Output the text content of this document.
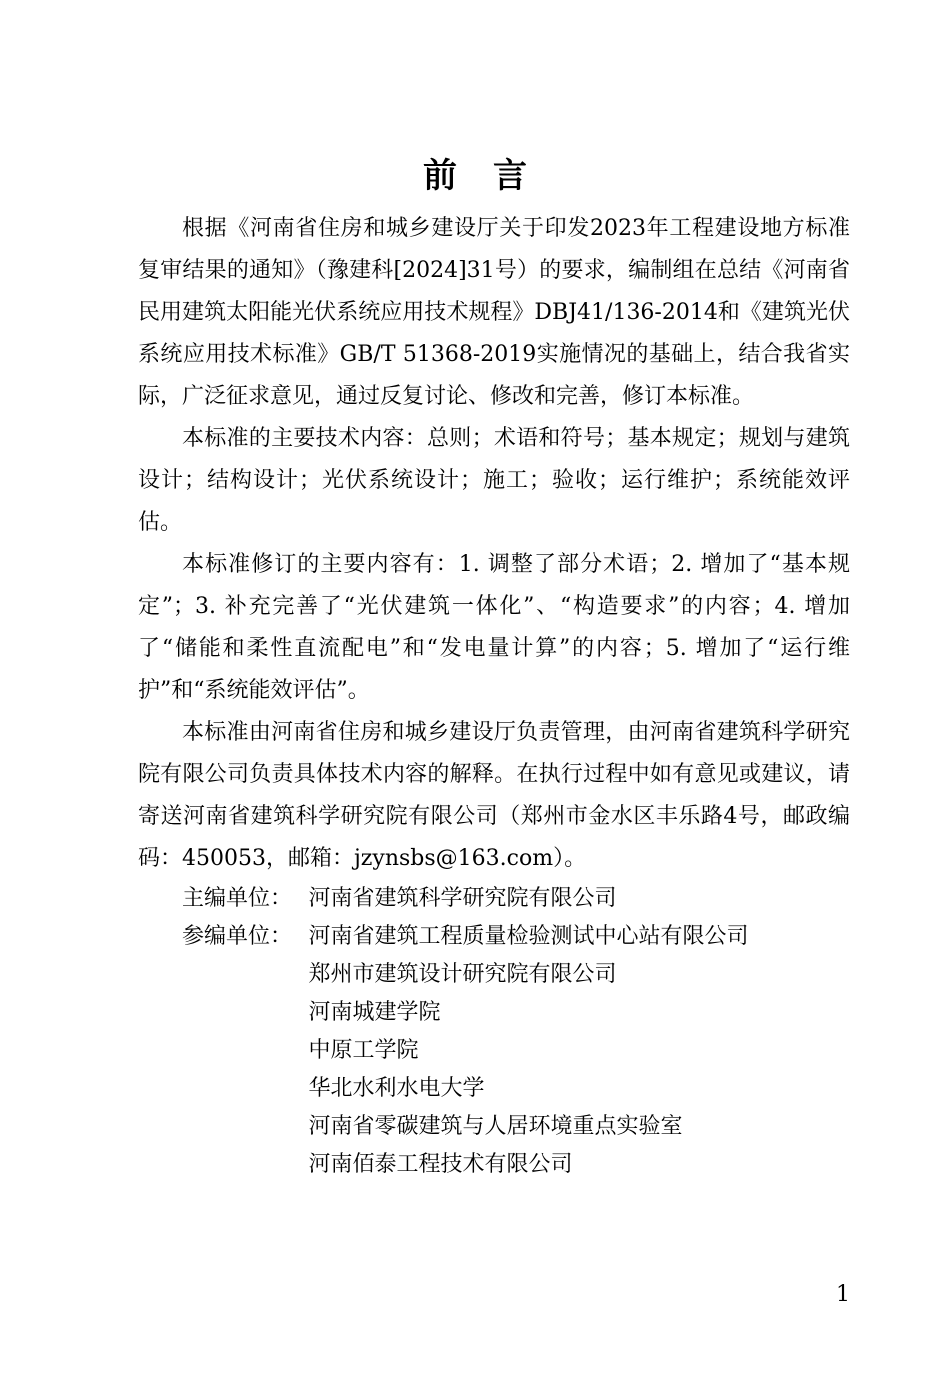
前 言

根据《河南省住房和城乡建设厅关于印发2023年工程建设地方标准复审结果的通知》（豫建科[2024]31号）的要求，编制组在总结《河南省民用建筑太阳能光伏系统应用技术规程》DBJ41/136-2014和《建筑光伏系统应用技术标准》GB/T 51368-2019实施情况的基础上，结合我省实际，广泛征求意见，通过反复讨论、修改和完善，修订本标准。

本标准的主要技术内容：总则；术语和符号；基本规定；规划与建筑设计；结构设计；光伏系统设计；施工；验收；运行维护；系统能效评估。

本标准修订的主要内容有：1. 调整了部分术语；2. 增加了“基本规定”；3. 补充完善了“光伏建筑一体化”、“构造要求”的内容；4. 增加了“储能和柔性直流配电”和“发电量计算”的内容；5. 增加了“运行维护”和“系统能效评估”。

本标准由河南省住房和城乡建设厅负责管理，由河南省建筑科学研究院有限公司负责具体技术内容的解释。在执行过程中如有意见或建议，请寄送河南省建筑科学研究院有限公司（郑州市金水区丰乐路4号，邮政编码：450053，邮箱：jzynsbs@163.com）。

主编单位： 河南省建筑科学研究院有限公司
参编单位： 河南省建筑工程质量检验测试中心站有限公司
郑州市建筑设计研究院有限公司
河南城建学院
中原工学院
华北水利水电大学
河南省零碳建筑与人居环境重点实验室
河南佰泰工程技术有限公司
1
